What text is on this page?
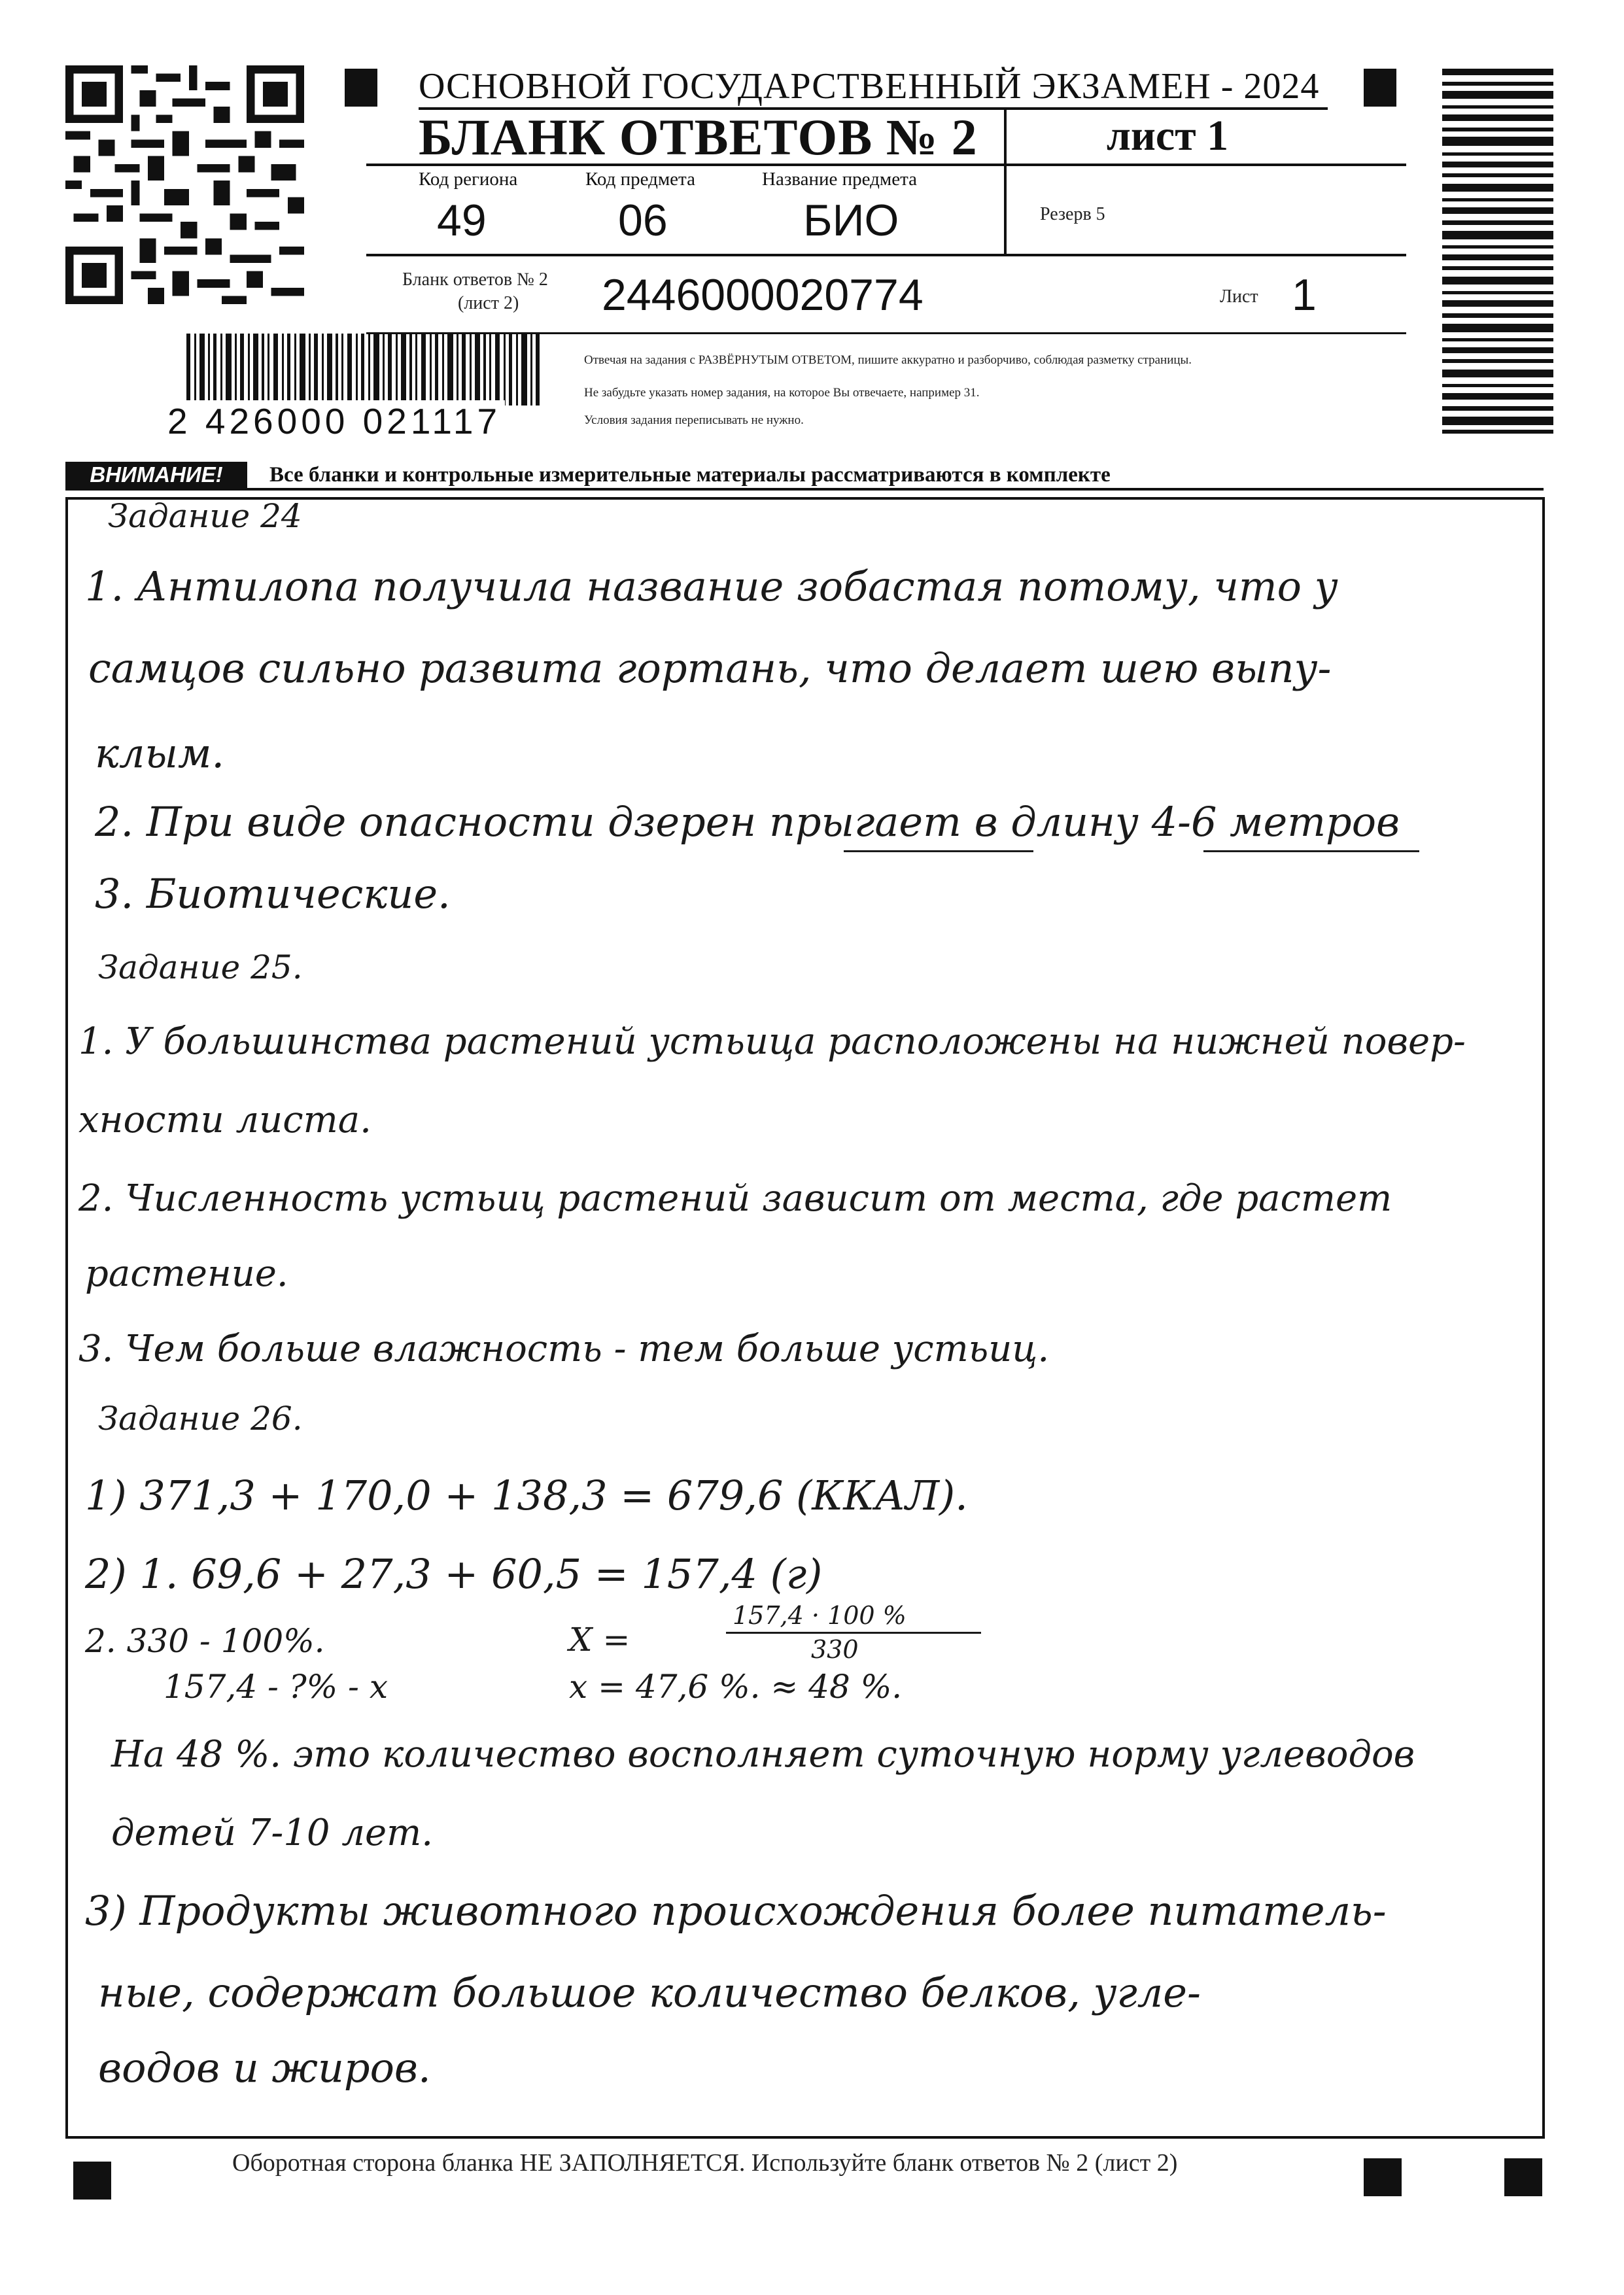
ОСНОВНОЙ ГОСУДАРСТВЕННЫЙ ЭКЗАМЕН - 2024
БЛАНК ОТВЕТОВ № 2	лист 1
Код региона
49
Код предмета
06
Название предмета
БИО	Резерв 5
Бланк ответов № 2
(лист 2) 2446000020774	Лист 1
Отвечая на задания с РАЗВЁРНУТЫМ ОТВЕТОМ, пишите аккуратно и разборчиво, соблюдая разметку страницы.
Не забудьте указать номер задания, на которое Вы отвечаете, например 31.
Условия задания переписывать не нужно.
2 426000 021117
ВНИМАНИЕ!	Все бланки и контрольные измерительные материалы рассматриваются в комплекте
Задание 24
1. Антилопа получила название зобастая потому, что у
самцов сильно развита гортань, что делает шею выпу-
клым.
2. При виде опасности дзерен прыгает в длину 4-6 метров
3. Биотические.
Задание 25.
1. У большинства растений устьица расположены на нижней повер-
хности листа.
2. Численность устьиц растений зависит от места, где растет
растение.
3. Чем больше влажность - тем больше устьиц.
Задание 26.
1) 371,3 + 170,0 + 138,3 = 679,6 (ККАЛ).
2) 1. 69,6 + 27,3 + 60,5 = 157,4 (г)
157,4 · 100 %
330
2. 330 - 100%.	X =
157,4 - ?% - x	x = 47,6 %. ≈ 48 %.
На 48 %. это количество восполняет суточную норму углеводов
детей 7-10 лет.
3) Продукты животного происхождения более питатель-
ные, содержат большое количество белков, угле-
водов и жиров.
Оборотная сторона бланка НЕ ЗАПОЛНЯЕТСЯ. Используйте бланк ответов № 2 (лист 2)
